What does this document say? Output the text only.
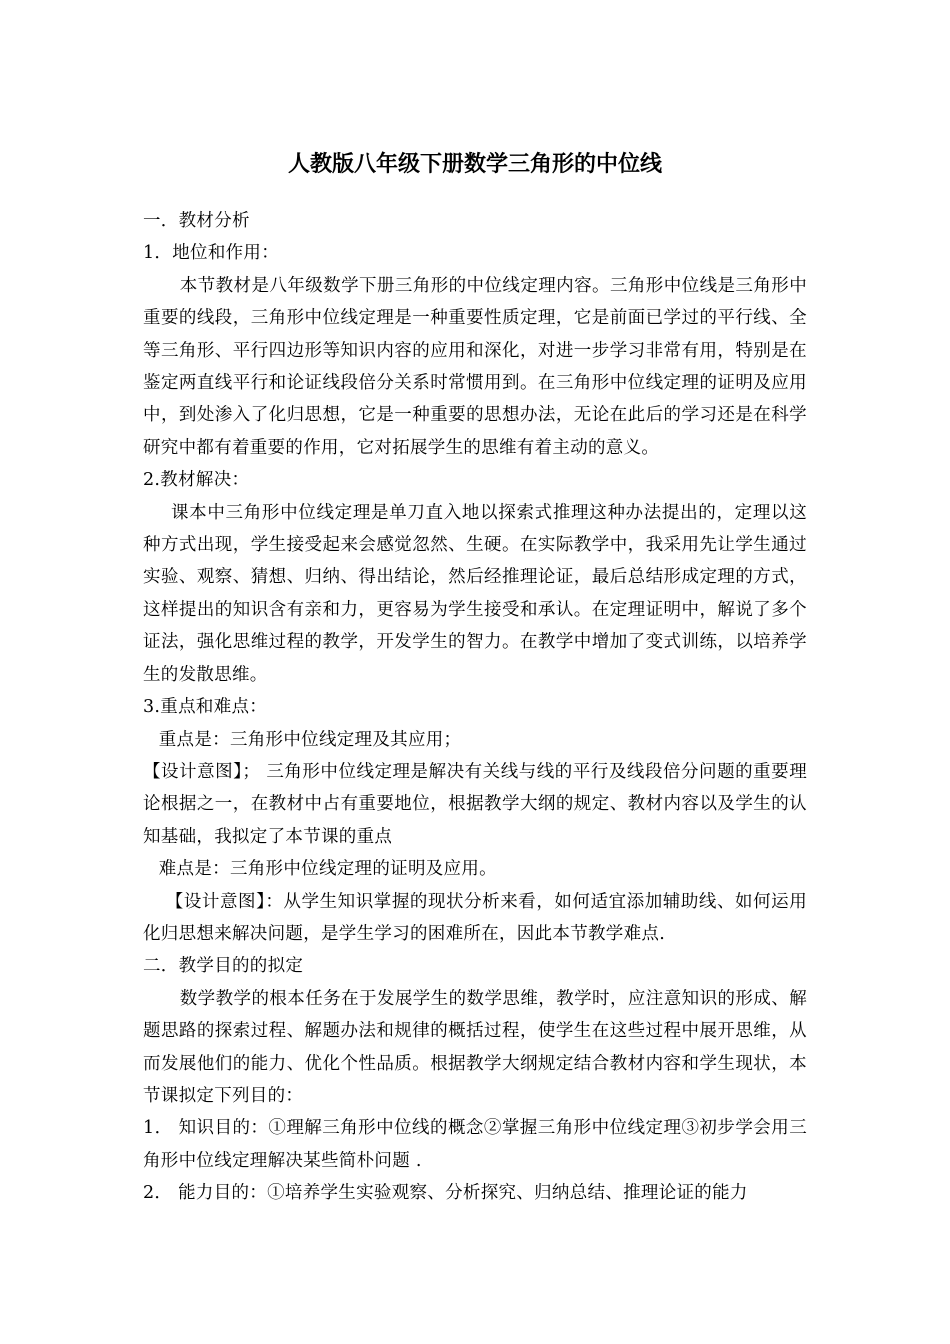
人教版八年级下册数学三角形的中位线

一．教材分析

1．地位和作用：

本节教材是八年级数学下册三角形的中位线定理内容。三角形中位线是三角形中重要的线段，三角形中位线定理是一种重要性质定理，它是前面已学过的平行线、全等三角形、平行四边形等知识内容的应用和深化，对进一步学习非常有用，特别是在鉴定两直线平行和论证线段倍分关系时常惯用到。在三角形中位线定理的证明及应用中，到处渗入了化归思想，它是一种重要的思想办法，无论在此后的学习还是在科学研究中都有着重要的作用，它对拓展学生的思维有着主动的意义。

2.教材解决：

课本中三角形中位线定理是单刀直入地以探索式推理这种办法提出的，定理以这种方式出现，学生接受起来会感觉忽然、生硬。在实际教学中，我采用先让学生通过实验、观察、猜想、归纳、得出结论，然后经推理论证，最后总结形成定理的方式，这样提出的知识含有亲和力，更容易为学生接受和承认。在定理证明中，解说了多个证法，强化思维过程的教学，开发学生的智力。在教学中增加了变式训练，以培养学生的发散思维。

3.重点和难点：

重点是：三角形中位线定理及其应用；

【设计意图】； 三角形中位线定理是解决有关线与线的平行及线段倍分问题的重要理论根据之一，在教材中占有重要地位，根据教学大纲的规定、教材内容以及学生的认知基础，我拟定了本节课的重点

难点是：三角形中位线定理的证明及应用。

【设计意图】：从学生知识掌握的现状分析来看，如何适宜添加辅助线、如何运用化归思想来解决问题，是学生学习的困难所在，因此本节教学难点.

二．教学目的的拟定

数学教学的根本任务在于发展学生的数学思维，教学时，应注意知识的形成、解题思路的探索过程、解题办法和规律的概括过程，使学生在这些过程中展开思维，从而发展他们的能力、优化个性品质。根据教学大纲规定结合教材内容和学生现状，本节课拟定下列目的：

1． 知识目的：①理解三角形中位线的概念②掌握三角形中位线定理③初步学会用三角形中位线定理解决某些简朴问题 .

2． 能力目的：①培养学生实验观察、分析探究、归纳总结、推理论证的能力
